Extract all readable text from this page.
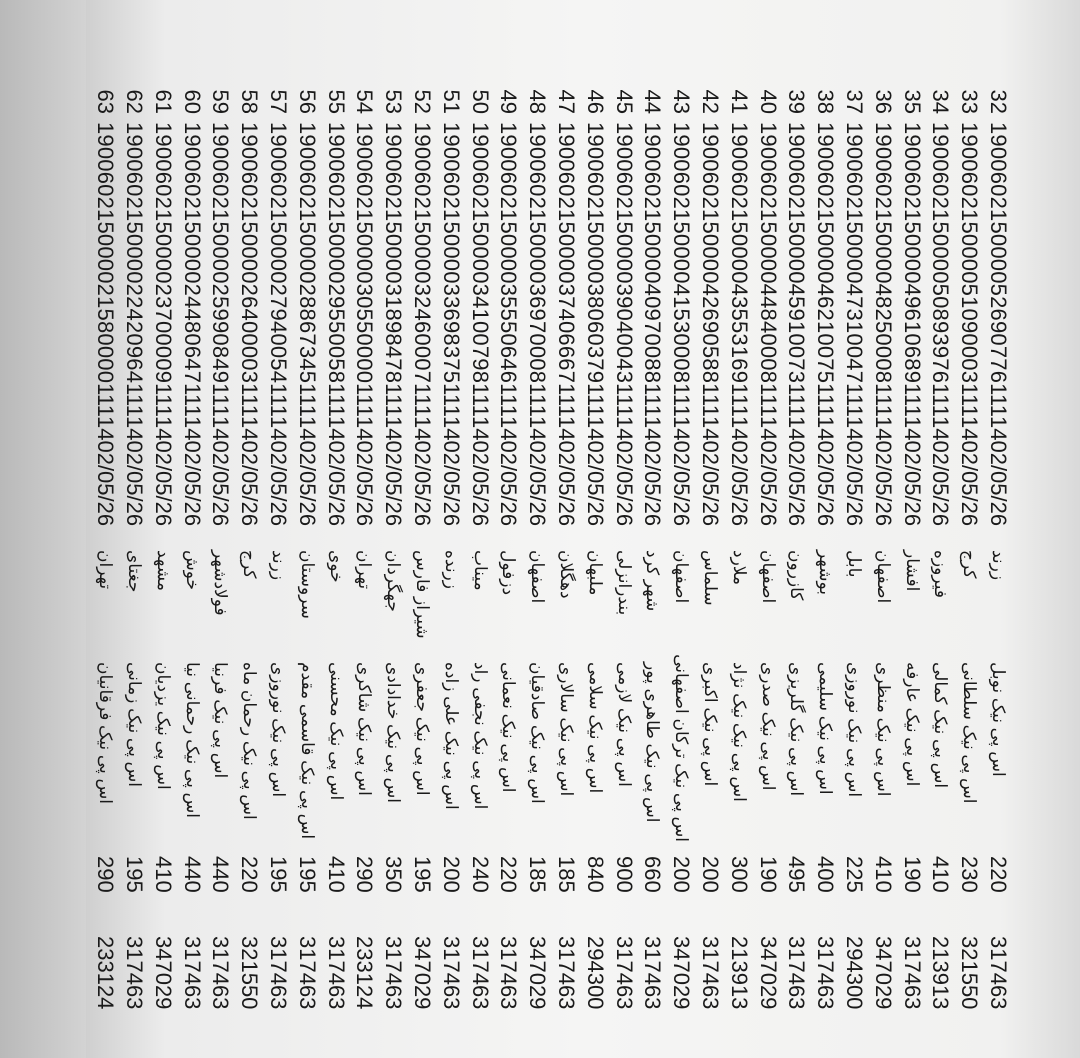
32
190060215000052690776111
1402/05/26
زرند
اس پی نیک نوبل
220
317463
33
190060215000051090003111
1402/05/26
کرج
اس پی نیک سلطانی
230
321550
34
190060215000050893976111
1402/05/26
فیروزه
اس پی نیک کمالی
410
213913
35
190060215000049610689111
1402/05/26
افشار
اس پی نیک عارفه
190
317463
36
190060215000048250008111
1402/05/26
اصفهان
اس پی نیک منظری
410
347029
37
190060215000047310047111
1402/05/26
بابل
اس پی نیک نوروزی
225
294300
38
190060215000046210075111
1402/05/26
بوشهر
اس پی نیک سلیمی
400
317463
39
190060215000045910073111
1402/05/26
کازرون
اس پی نیک گلریزی
495
317463
40
190060215000044840008111
1402/05/26
اصفهان
اس پی نیک صدری
190
347029
41
190060215000043553169111
1402/05/26
ملارد
اس پی نیک نیک نژاد
300
213913
42
190060215000042690588111
1402/05/26
سلماس
اس پی نیک اکبری
200
317463
43
190060215000041530008111
1402/05/26
اصفهان
اس پی نیک ترکان اصفهانی
200
347029
44
190060215000040970088111
1402/05/26
شهر کرد
اس پی نیک طاهری پور
660
317463
45
190060215000039040043111
1402/05/26
بندرانزلی
اس پی نیک لازمی
900
317463
46
190060215000038060379111
1402/05/26
ملبهان
اس پی نیک سلامی
840
294300
47
190060215000037406667111
1402/05/26
دهگلان
اس پی نیک سالاری
185
317463
48
190060215000036970008111
1402/05/26
اصفهان
اس پی نیک صادقیان
185
347029
49
190060215000035550646111
1402/05/26
دزفول
اس پی نیک نعمانی
220
317463
50
190060215000034100798111
1402/05/26
میناب
اس پی نیک نجفی راد
240
317463
51
190060215000033698375111
1402/05/26
زرنده
اس پی نیک علی زاده
200
317463
52
190060215000032460007111
1402/05/26
شیراز فارس
اس پی نیک جعفری
195
347029
53
190060215000031898478111
1402/05/26
جهگردان
اس پی نیک خدادادی
350
317463
54
190060215000030550000111
1402/05/26
تهران
اس پی نیک شاکری
290
233124
55
190060215000029550058111
1402/05/26
خوی
اس پی نیک محسنی
410
317463
56
190060215000028867345111
1402/05/26
سروستان
اس پی نیک قاسمی مقدم
195
317463
57
190060215000027940054111
1402/05/26
زرند
اس پی نیک نوروزی
195
317463
58
190060215000026400003111
1402/05/26
کرج
اس پی نیک رحمان ماه
220
321550
59
190060215000025990849111
1402/05/26
فولادشهر
اس پی نیک فرنیا
440
317463
60
190060215000024480647111
1402/05/26
خوش
اس پی نیک رحمانی نیا
440
317463
61
190060215000023700009111
1402/05/26
مشهد
اس پی نیک یزدیان
410
347029
62
190060215000022420964111
1402/05/26
جغتای
اس پی نیک زمانی
195
317463
63
190060215000021580000111
1402/05/26
تهران
اس پی نیک فرقانیان
290
233124
